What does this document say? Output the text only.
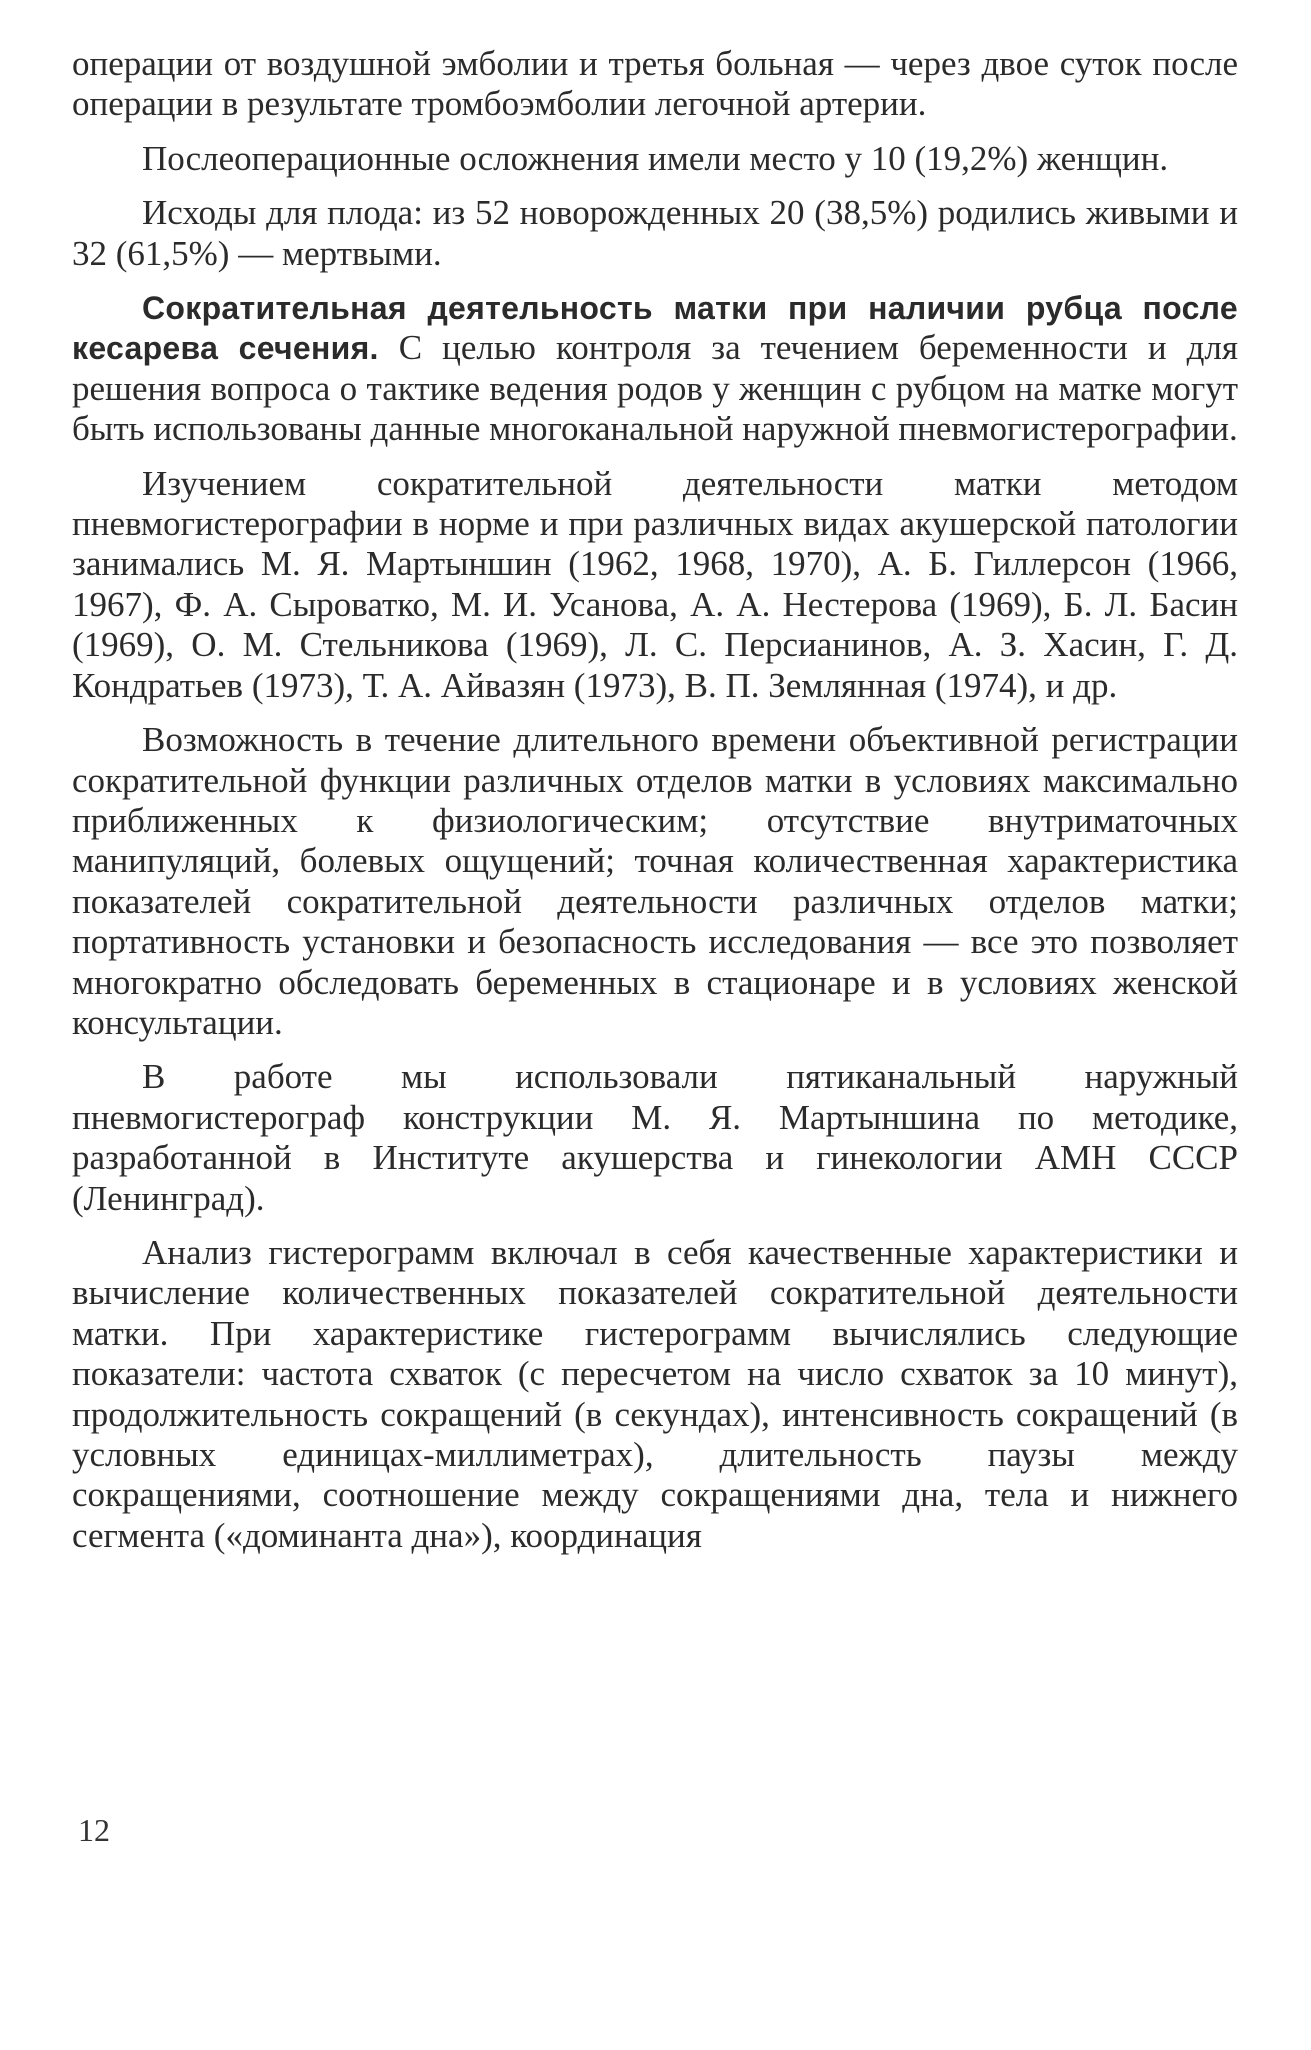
операции от воздушной эмболии и третья больная — через двое суток после операции в результате тромбоэмболии легочной артерии.

Послеоперационные осложнения имели место у 10 (19,2%) женщин.

Исходы для плода: из 52 новорожденных 20 (38,5%) родились живыми и 32 (61,5%) — мертвыми.

Сократительная деятельность матки при наличии рубца после кесарева сечения. С целью контроля за течением беременности и для решения вопроса о тактике ведения родов у женщин с рубцом на матке могут быть использованы данные многоканальной наружной пневмогистерографии.

Изучением сократительной деятельности матки методом пневмогистерографии в норме и при различных видах акушерской патологии занимались М. Я. Мартыншин (1962, 1968, 1970), А. Б. Гиллерсон (1966, 1967), Ф. А. Сыроватко, М. И. Усанова, А. А. Нестерова (1969), Б. Л. Басин (1969), О. М. Стельникова (1969), Л. С. Персианинов, А. З. Хасин, Г. Д. Кондратьев (1973), Т. А. Айвазян (1973), В. П. Землянная (1974), и др.

Возможность в течение длительного времени объективной регистрации сократительной функции различных отделов матки в условиях максимально приближенных к физиологическим; отсутствие внутриматочных манипуляций, болевых ощущений; точная количественная характеристика показателей сократительной деятельности различных отделов матки; портативность установки и безопасность исследования — все это позволяет многократно обследовать беременных в стационаре и в условиях женской консультации.

В работе мы использовали пятиканальный наружный пневмогистерограф конструкции М. Я. Мартыншина по методике, разработанной в Институте акушерства и гинекологии АМН СССР (Ленинград).

Анализ гистерограмм включал в себя качественные характеристики и вычисление количественных показателей сократительной деятельности матки. При характеристике гистерограмм вычислялись следующие показатели: частота схваток (с пересчетом на число схваток за 10 минут), продолжительность сокращений (в секундах), интенсивность сокращений (в условных единицах-миллиметрах), длительность паузы между сокращениями, соотношение между сокращениями дна, тела и нижнего сегмента («доминанта дна»), координация

12
